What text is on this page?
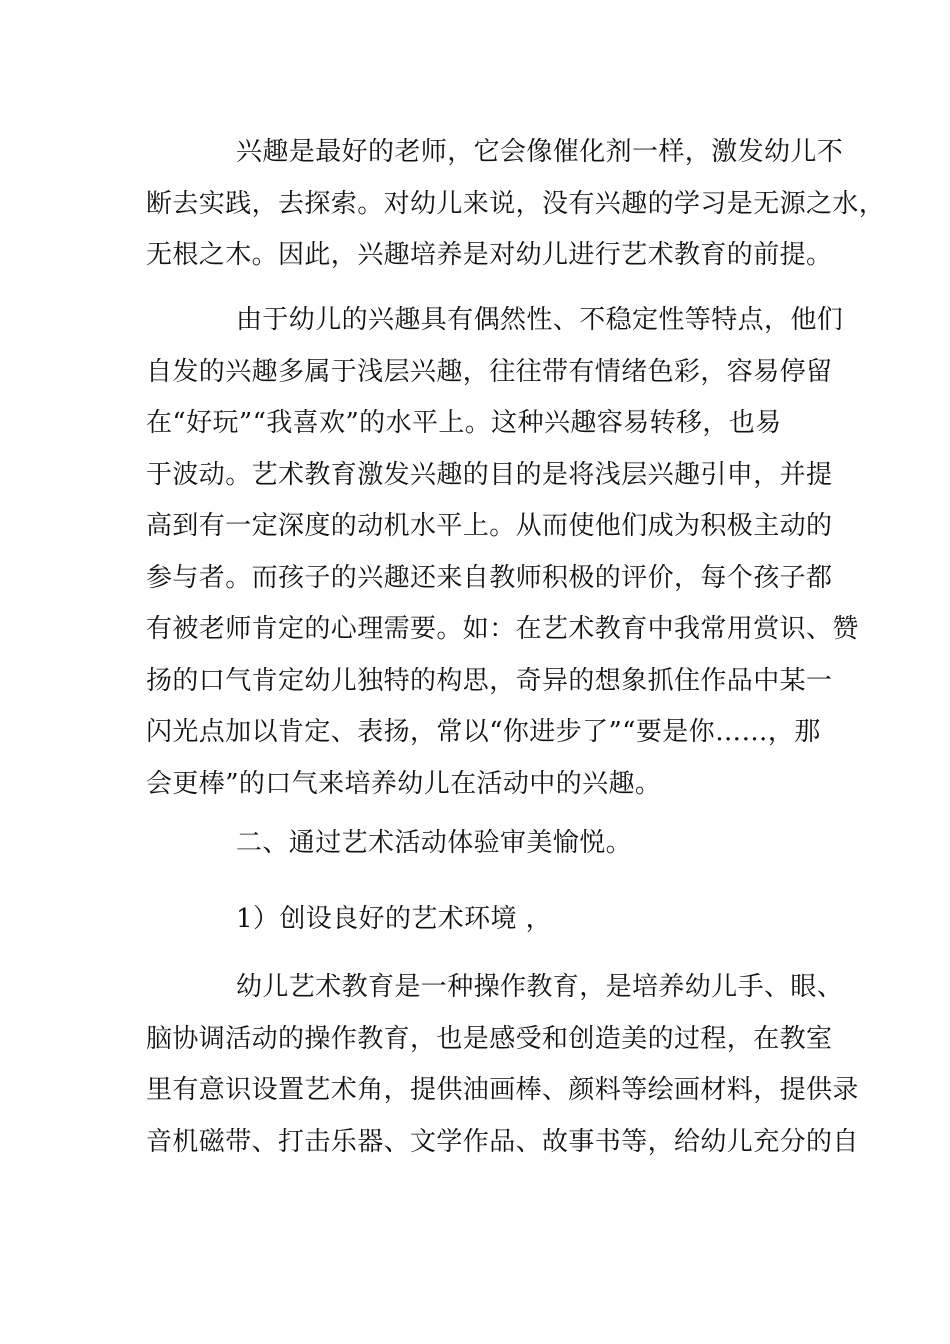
兴趣是最好的老师，它会像催化剂一样，激发幼儿不
断去实践，去探索。对幼儿来说，没有兴趣的学习是无源之水，
无根之木。因此，兴趣培养是对幼儿进行艺术教育的前提。
由于幼儿的兴趣具有偶然性、不稳定性等特点，他们
自发的兴趣多属于浅层兴趣，往往带有情绪色彩，容易停留
在“好玩”“我喜欢”的水平上。这种兴趣容易转移，也易
于波动。艺术教育激发兴趣的目的是将浅层兴趣引申，并提
高到有一定深度的动机水平上。从而使他们成为积极主动的
参与者。而孩子的兴趣还来自教师积极的评价，每个孩子都
有被老师肯定的心理需要。如：在艺术教育中我常用赏识、赞
扬的口气肯定幼儿独特的构思，奇异的想象抓住作品中某一
闪光点加以肯定、表扬，常以“你进步了”“要是你……，那
会更棒”的口气来培养幼儿在活动中的兴趣。
二、通过艺术活动体验审美愉悦。
1）创设良好的艺术环境 ，
幼儿艺术教育是一种操作教育，是培养幼儿手、眼、
脑协调活动的操作教育，也是感受和创造美的过程，在教室
里有意识设置艺术角，提供油画棒、颜料等绘画材料，提供录
音机磁带、打击乐器、文学作品、故事书等，给幼儿充分的自
